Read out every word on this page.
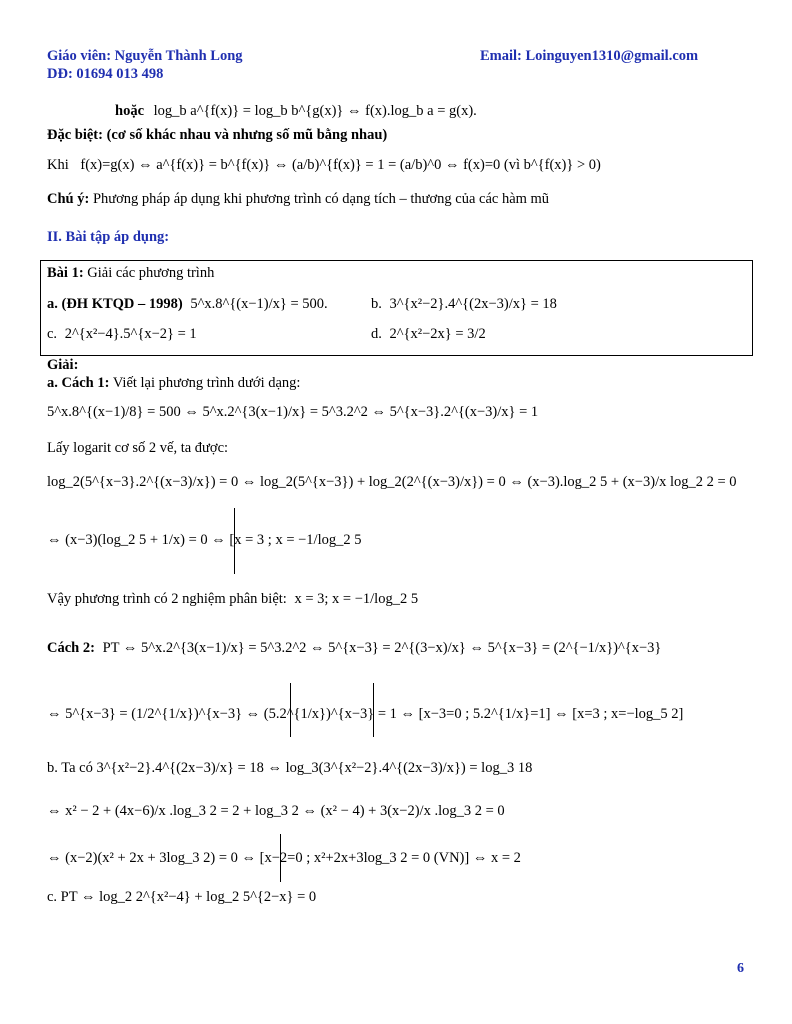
Giáo viên: Nguyễn Thành Long
DĐ: 01694 013 498
Email: Loinguyen1310@gmail.com
hoặc log_b a^{f(x)} = log_b b^{g(x)} ⇔ f(x).log_b a = g(x).
Đặc biệt: (cơ số khác nhau và nhưng số mũ bằng nhau)
Khi f(x)=g(x) ⇔ a^{f(x)} = b^{f(x)} ⇔ (a/b)^{f(x)} = 1 = (a/b)^0 ⇔ f(x)=0 (vì b^{f(x)} > 0)
Chú ý: Phương pháp áp dụng khi phương trình có dạng tích – thương của các hàm mũ
II. Bài tập áp dụng:
Bài 1: Giải các phương trình
a. (ĐH KTQD – 1998) 5^x.8^{(x−1)/x} = 500.	b. 3^{x²−2}.4^{(2x−3)/x} = 18
c. 2^{x²−4}.5^{x−2} = 1	d. 2^{x²−2x} = 3/2
Giải:
a. Cách 1: Viết lại phương trình dưới dạng:
5^x.8^{(x−1)/8} = 500 ⇔ 5^x.2^{3(x−1)/x} = 5^3.2^2 ⇔ 5^{x−3}.2^{(x−3)/x} = 1
Lấy logarit cơ số 2 vế, ta được:
log_2(5^{x−3}.2^{(x−3)/x}) = 0 ⇔ log_2(5^{x−3}) + log_2(2^{(x−3)/x}) = 0 ⇔ (x−3).log_2 5 + (x−3)/x log_2 2 = 0
⇔ (x−3)(log_2 5 + 1/x) = 0 ⇔ [x = 3 ; x = −1/log_2 5
Vậy phương trình có 2 nghiệm phân biệt: x = 3; x = −1/log_2 5
Cách 2: PT ⇔ 5^x.2^{3(x−1)/x} = 5^3.2^2 ⇔ 5^{x−3} = 2^{(3−x)/x} ⇔ 5^{x−3} = (2^{−1/x})^{x−3}
⇔ 5^{x−3} = (1/2^{1/x})^{x−3} ⇔ (5.2^{1/x})^{x−3} = 1 ⇔ [x−3=0 ; 5.2^{1/x}=1] ⇔ [x=3 ; x=−log_5 2]
b. Ta có 3^{x²−2}.4^{(2x−3)/x} = 18 ⇔ log_3(3^{x²−2}.4^{(2x−3)/x}) = log_3 18
⇔ x² − 2 + (4x−6)/x .log_3 2 = 2 + log_3 2 ⇔ (x² − 4) + 3(x−2)/x .log_3 2 = 0
⇔ (x−2)(x² + 2x + 3log_3 2) = 0 ⇔ [x−2=0 ; x²+2x+3log_3 2 = 0 (VN)] ⇔ x = 2
c. PT ⇔ log_2 2^{x²−4} + log_2 5^{2−x} = 0
6
